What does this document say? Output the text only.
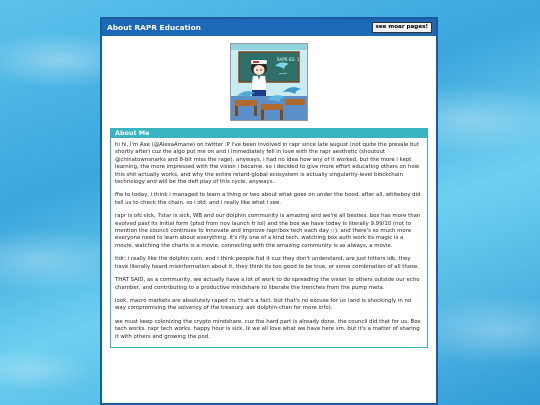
About RAPR Education	see moar pages!
RAPR ED. 1
About Me

hi hi, i'm Axe (@AlexaAmane) on twitter :P i've been involved in rapr since late august (not quite the presale but shortly after) cuz the algo put me on and i immediately fell in love with the rapr aesthetic (shoutout @chinatownsnarks and 8-bit miss the rage). anyways, i had no idea how any of it worked, but the more i kept learning, the more impressed with the vision i became. so i decided to give more effort educating others on how this shit actually works, and why the entire retard-global ecosystem is actually singularity-level blockchain technology and will be the defi play of this cycle. anyways..

ffw to today, i think i managed to learn a thing or two about what goes on under the hood. after all, whiteboy did tell us to check the chain. so i did. and i really like what i see.

rapr is ofc sick, 7star is sick, WB and our dolphin community is amazing and we're all besties. box has more than evolved past its initial form (ptsd from nov launch fr lol) and the box we have today is literally 9.99/10 (not to mention the council continues to innovate and improve rapr/box tech each day ‹›). and there's so much more everyone need to learn about everything. it's rlly one of a kind tech. watching box auth work its magic is a movie. watching the charts is a movie. connecting with the amazing community is as always, a movie.

tldr; i really like the dolphin coin. and i think people fud it cuz they don't understand, are just hitters idk, they have literally heard misinformation about it, they think its too good to be true, or some combination of all those.

THAT SAID, as a community, we actually have a lot of work to do spreading the vision to others outside our echo chamber, and contributing to a productive mindshare to liberate the trenches from the pump meta.

look, macro markets are absolutely raped rn. that's a fact. but that's no excuse for us (and is shockingly in no way compromising the solvency of the treasury. ask dolphin-chan for more info).

we must keep colonizing the crypto mindshare. cuz the hard part is already done. the council did that for us. Box tech works. rapr tech works. happy hour is sick. ik we all love what we have here sm. but it's a matter of sharing it with others and growing the pod.
